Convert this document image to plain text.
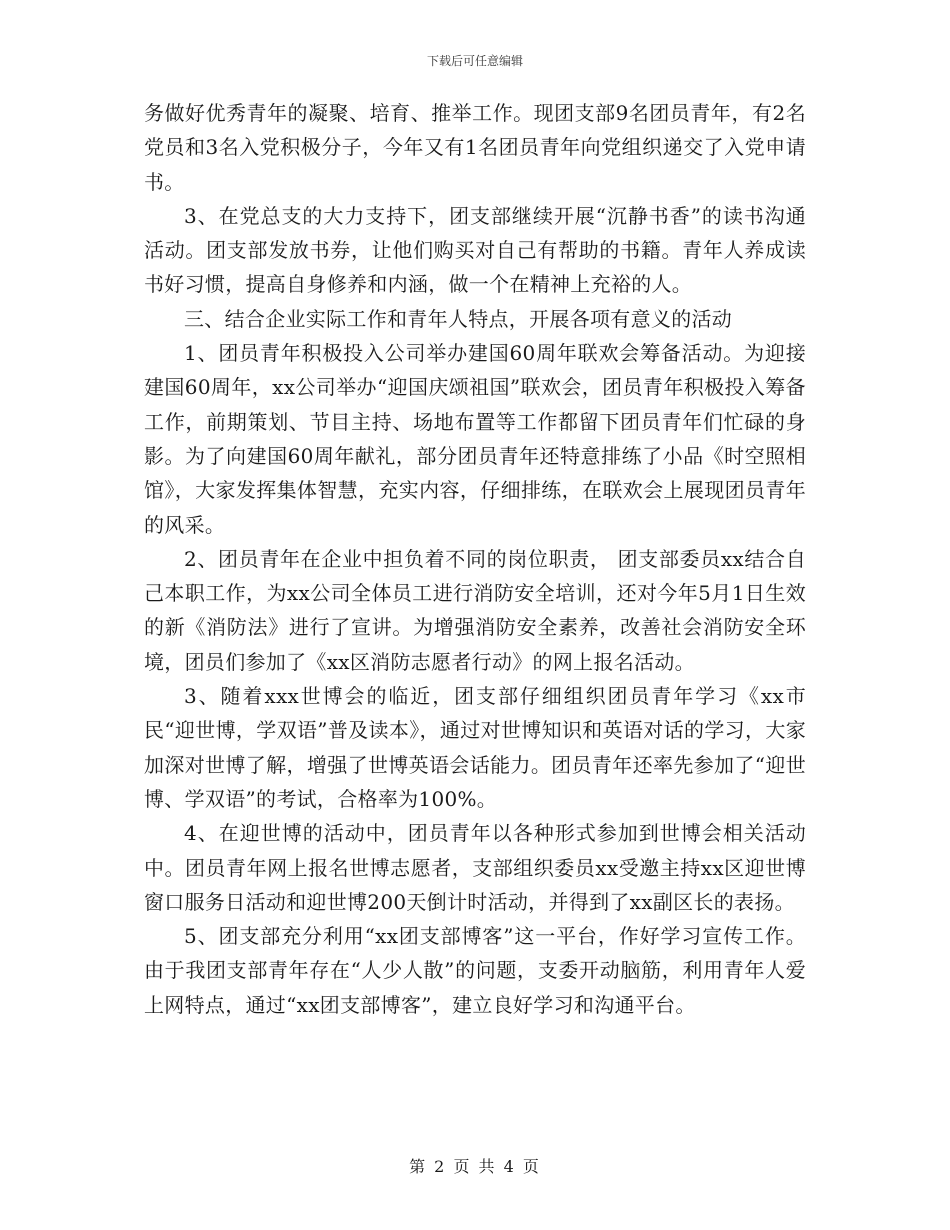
下载后可任意编辑

务做好优秀青年的凝聚、培育、推举工作。现团支部9名团员青年，有2名党员和3名入党积极分子，今年又有1名团员青年向党组织递交了入党申请书。

3、在党总支的大力支持下，团支部继续开展“沉静书香”的读书沟通活动。团支部发放书券，让他们购买对自己有帮助的书籍。青年人养成读书好习惯，提高自身修养和内涵，做一个在精神上充裕的人。

三、结合企业实际工作和青年人特点，开展各项有意义的活动

1、团员青年积极投入公司举办建国60周年联欢会筹备活动。为迎接建国60周年，xx公司举办“迎国庆颂祖国”联欢会，团员青年积极投入筹备工作，前期策划、节目主持、场地布置等工作都留下团员青年们忙碌的身影。为了向建国60周年献礼，部分团员青年还特意排练了小品《时空照相馆》，大家发挥集体智慧，充实内容，仔细排练，在联欢会上展现团员青年的风采。

2、团员青年在企业中担负着不同的岗位职责， 团支部委员xx结合自己本职工作，为xx公司全体员工进行消防安全培训，还对今年5月1日生效的新《消防法》进行了宣讲。为增强消防安全素养，改善社会消防安全环境，团员们参加了《xx区消防志愿者行动》的网上报名活动。

3、随着xxx世博会的临近，团支部仔细组织团员青年学习《xx市民“迎世博，学双语”普及读本》，通过对世博知识和英语对话的学习，大家加深对世博了解，增强了世博英语会话能力。团员青年还率先参加了“迎世博、学双语”的考试，合格率为100%。

4、在迎世博的活动中，团员青年以各种形式参加到世博会相关活动中。团员青年网上报名世博志愿者，支部组织委员xx受邀主持xx区迎世博窗口服务日活动和迎世博200天倒计时活动，并得到了xx副区长的表扬。

5、团支部充分利用“xx团支部博客”这一平台，作好学习宣传工作。由于我团支部青年存在“人少人散”的问题，支委开动脑筋，利用青年人爱上网特点，通过“xx团支部博客”，建立良好学习和沟通平台。

第 2 页 共 4 页
